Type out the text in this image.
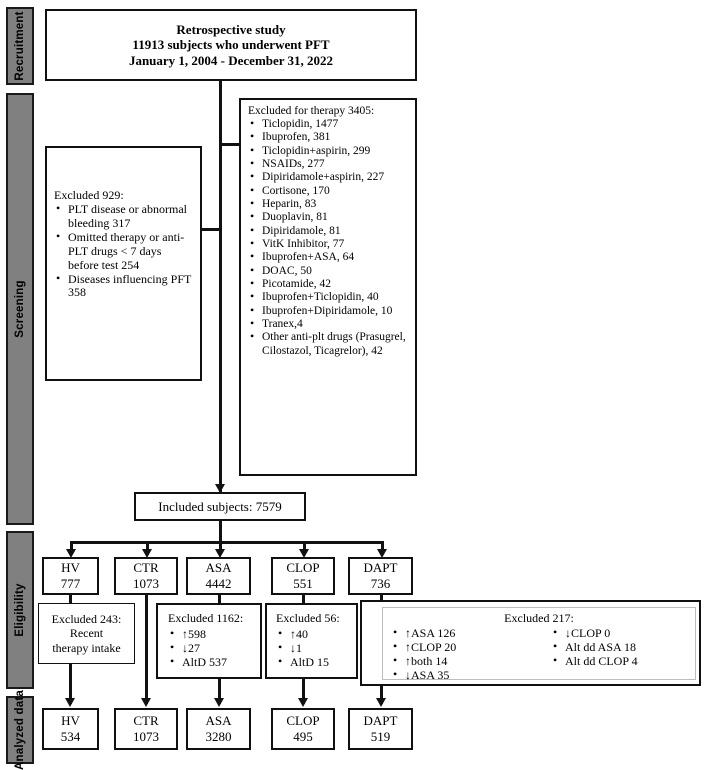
Recruitment
Screening
Eligibility
Analyzed data
Retrospective study
11913 subjects who underwent PFT
January 1, 2004 - December 31, 2022
Excluded 929:
• PLT disease or abnormal bleeding 317
• Omitted therapy or anti-PLT drugs < 7 days before test 254
• Diseases influencing PFT 358
Excluded for therapy 3405:
• Ticlopidin, 1477
• Ibuprofen, 381
• Ticlopidin+aspirin, 299
• NSAIDs, 277
• Dipiridamole+aspirin, 227
• Cortisone, 170
• Heparin, 83
• Duoplavin, 81
• Dipiridamole, 81
• VitK Inhibitor, 77
• Ibuprofen+ASA, 64
• DOAC, 50
• Picotamide, 42
• Ibuprofen+Ticlopidin, 40
• Ibuprofen+Dipiridamole, 10
• Tranex,4
• Other anti-plt drugs (Prasugrel, Cilostazol, Ticagrelor), 42
Included subjects: 7579
HV
777
CTR
1073
ASA
4442
CLOP
551
DAPT
736
Excluded 243:
Recent
therapy intake
Excluded 1162:
• ↑598
• ↓27
• AltD 537
Excluded 56:
• ↑40
• ↓1
• AltD 15
Excluded 217:
• ↑ASA 126
• ↑CLOP 20
• ↑both 14
• ↓ASA 35
• ↓CLOP 0
• Alt dd ASA 18
• Alt dd CLOP 4
HV
534
CTR
1073
ASA
3280
CLOP
495
DAPT
519
